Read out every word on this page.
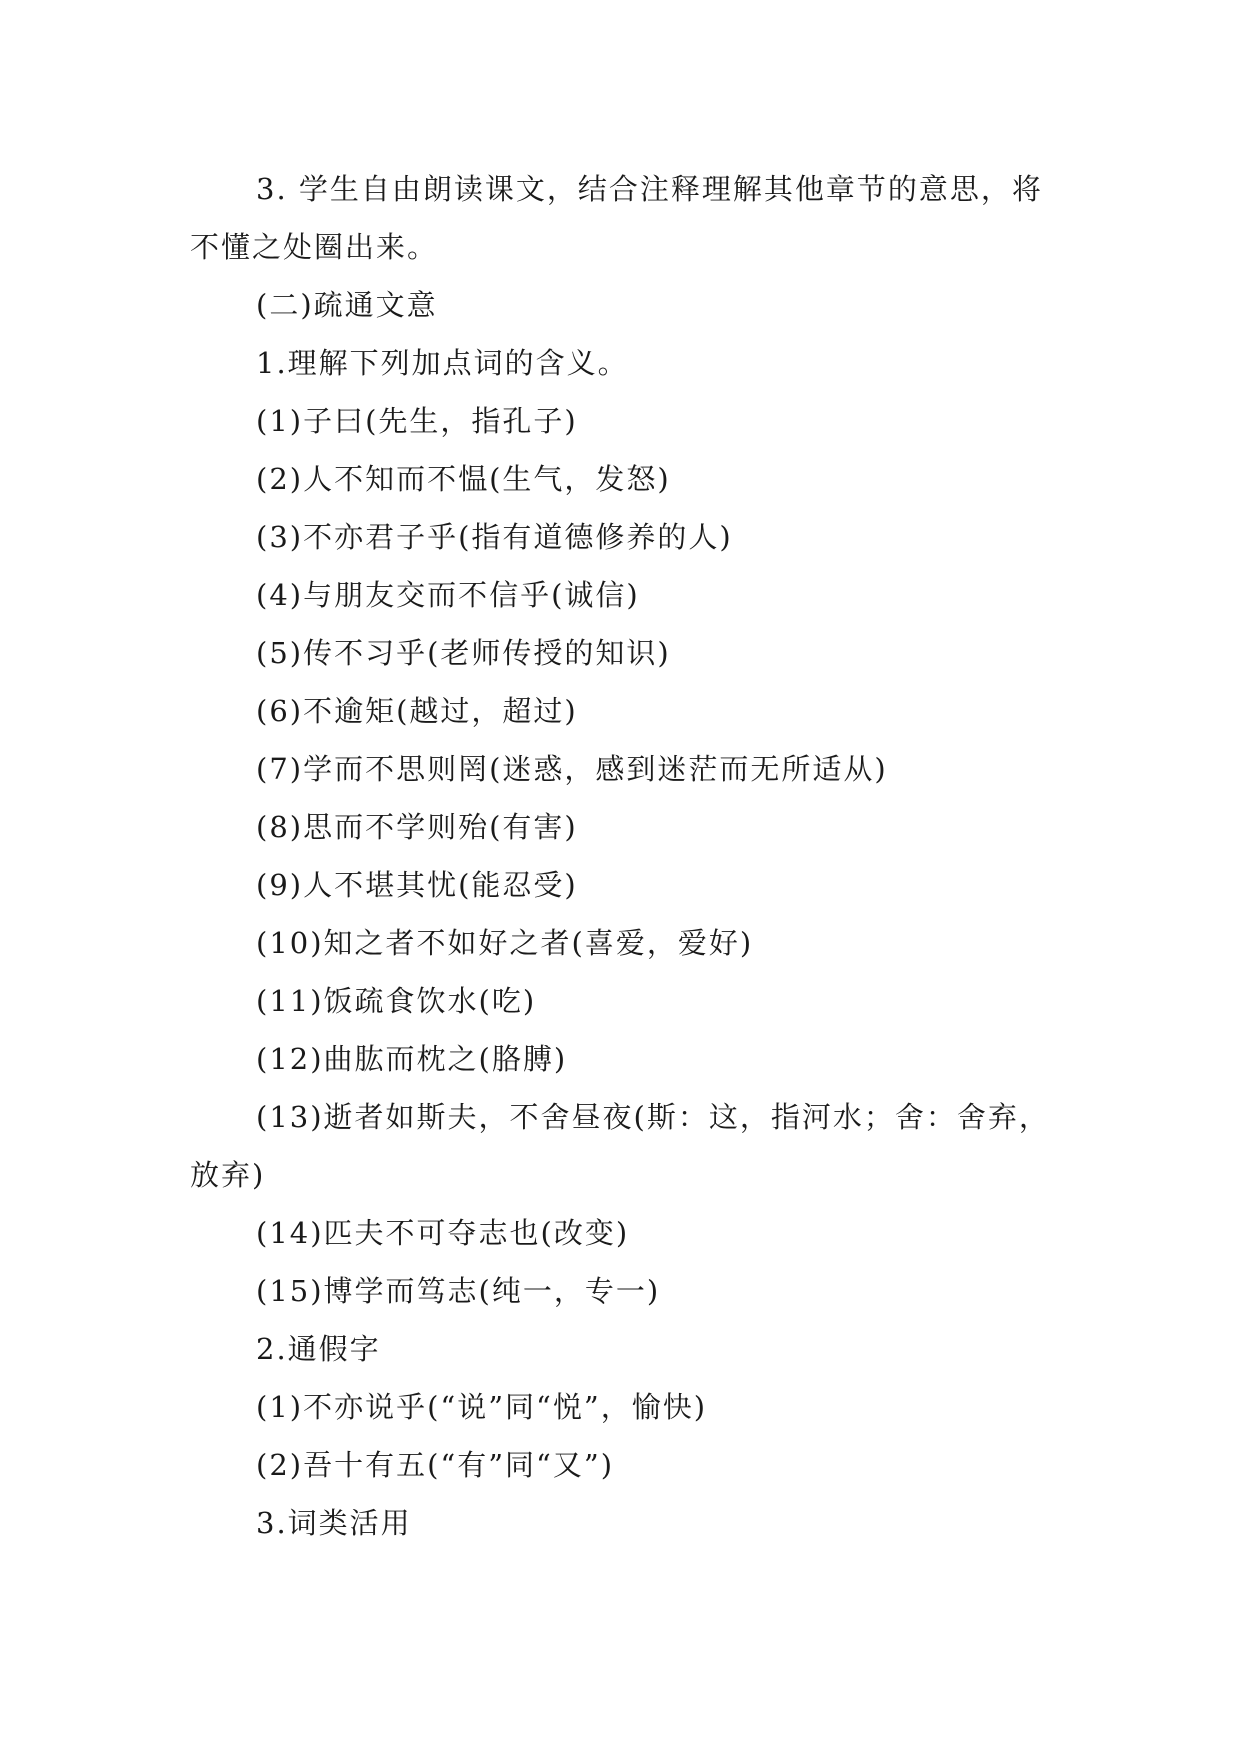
3. 学生自由朗读课文，结合注释理解其他章节的意思，将不懂之处圈出来。

(二)疏通文意

1.理解下列加点词的含义。

(1)子曰(先生，指孔子)

(2)人不知而不愠(生气，发怒)

(3)不亦君子乎(指有道德修养的人)

(4)与朋友交而不信乎(诚信)

(5)传不习乎(老师传授的知识)

(6)不逾矩(越过，超过)

(7)学而不思则罔(迷惑，感到迷茫而无所适从)

(8)思而不学则殆(有害)

(9)人不堪其忧(能忍受)

(10)知之者不如好之者(喜爱，爱好)

(11)饭疏食饮水(吃)

(12)曲肱而枕之(胳膊)

(13)逝者如斯夫，不舍昼夜(斯：这，指河水；舍：舍弃，放弃)

(14)匹夫不可夺志也(改变)

(15)博学而笃志(纯一，专一)

2.通假字

(1)不亦说乎(“说”同“悦”，愉快)

(2)吾十有五(“有”同“又”)

3.词类活用
